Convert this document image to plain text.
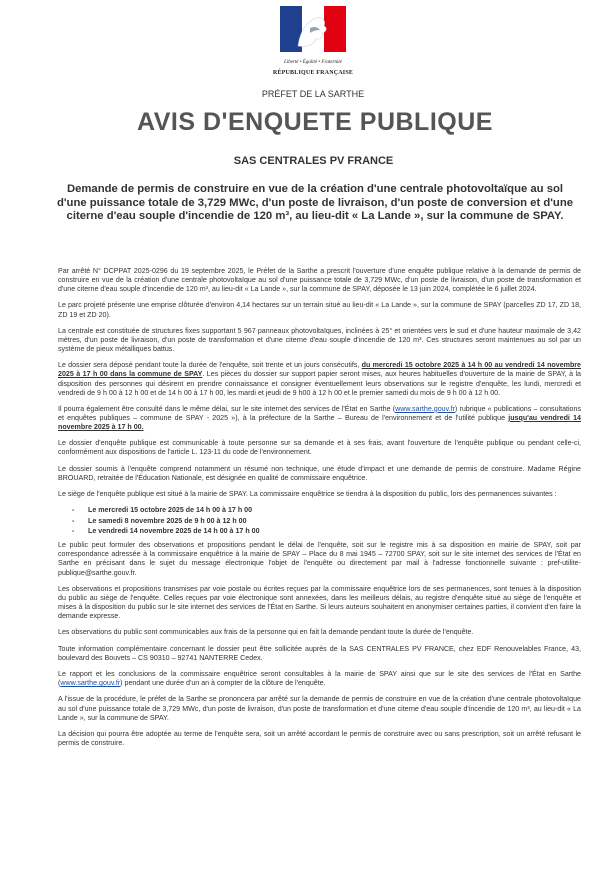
Liberté • Égalité • Fraternité
RÉPUBLIQUE FRANÇAISE
PRÉFET DE LA SARTHE
AVIS D'ENQUETE PUBLIQUE
SAS CENTRALES PV FRANCE
Demande de permis de construire en vue de la création d'une centrale photovoltaïque au sol d'une puissance totale de 3,729 MWc, d'un poste de livraison, d'un poste de conversion et d'une citerne d'eau souple d'incendie de 120 m³, au lieu-dit « La Lande », sur la commune de SPAY.

Par arrêté N° DCPPAT 2025-0296 du 19 septembre 2025, le Préfet de la Sarthe a prescrit l'ouverture d'une enquête publique relative à la demande de permis de construire en vue de la création d'une centrale photovoltaïque au sol d'une puissance totale de 3,729 MWc, d'un poste de livraison, d'un poste de transformation et d'une citerne d'eau souple d'incendie de 120 m³, au lieu-dit « La Lande », sur la commune de SPAY, déposée le 13 juin 2024, complétée le 6 juillet 2024.

Le parc projeté présente une emprise clôturée d'environ 4,14 hectares sur un terrain situé au lieu-dit « La Lande », sur la commune de SPAY (parcelles ZD 17, ZD 18, ZD 19 et ZD 20).

La centrale est constituée de structures fixes supportant 5 967 panneaux photovoltaïques, inclinées à 25° et orientées vers le sud et d'une hauteur maximale de 3,42 mètres, d'un poste de livraison, d'un poste de transformation et d'une citerne d'eau souple d'incendie de 120 m³. Ces structures seront maintenues au sol par un système de pieux métalliques battus.

Le dossier sera déposé pendant toute la durée de l'enquête, soit trente et un jours consécutifs, du mercredi 15 octobre 2025 à 14 h 00 au vendredi 14 novembre 2025 à 17 h 00 dans la commune de SPAY. Les pièces du dossier sur support papier seront mises, aux heures habituelles d'ouverture de la mairie de SPAY, à la disposition des personnes qui désirent en prendre connaissance et consigner éventuellement leurs observations sur le registre d'enquête, les lundi, mercredi et vendredi de 9 h 00 à 12 h 00 et de 14 h 00 à 17 h 00, les mardi et jeudi de 9 h00 à 12 h 00 et le premier samedi du mois de 9 h 00 à 12 h 00.

Il pourra également être consulté dans le même délai, sur le site internet des services de l'État en Sarthe (www.sarthe.gouv.fr) rubrique « publications – consultations et enquêtes publiques – commune de SPAY - 2025 »), à la préfecture de la Sarthe – Bureau de l'environnement et de l'utilité publique jusqu'au vendredi 14 novembre 2025 à 17 h 00.

Le dossier d'enquête publique est communicable à toute personne sur sa demande et à ses frais, avant l'ouverture de l'enquête publique ou pendant celle-ci, conformément aux dispositions de l'article L. 123-11 du code de l'environnement.

Le dossier soumis à l'enquête comprend notamment un résumé non technique, une étude d'impact et une demande de permis de construire. Madame Régine BROUARD, retraitée de l'Éducation Nationale, est désignée en qualité de commissaire enquêtrice.

Le siège de l'enquête publique est situé à la mairie de SPAY. La commissaire enquêtrice se tiendra à la disposition du public, lors des permanences suivantes :

- Le mercredi 15 octobre 2025 de 14 h 00 à 17 h 00
- Le samedi 8 novembre 2025 de 9 h 00 à 12 h 00
- Le vendredi 14 novembre 2025 de 14 h 00 à 17 h 00

Le public peut formuler des observations et propositions pendant le délai de l'enquête, soit sur le registre mis à sa disposition en mairie de SPAY, soit par correspondance adressée à la commissaire enquêtrice à la mairie de SPAY – Place du 8 mai 1945 – 72700 SPAY, soit sur le site internet des services de l'État en Sarthe en précisant dans le sujet du message électronique l'objet de l'enquête ou directement par mail à l'adresse fonctionnelle suivante : pref-utilite-publique@sarthe.gouv.fr.

Les observations et propositions transmises par voie postale ou écrites reçues par la commissaire enquêtrice lors de ses permanences, sont tenues à la disposition du public au siège de l'enquête. Celles reçues par voie électronique sont annexées, dans les meilleurs délais, au registre d'enquête situé au siège de l'enquête et mises à la disposition du public sur le site internet des services de l'État en Sarthe. Si leurs auteurs souhaitent en anonymiser certaines parties, il convient d'en faire la demande expresse.

Les observations du public sont communicables aux frais de la personne qui en fait la demande pendant toute la durée de l'enquête.

Toute information complémentaire concernant le dossier peut être sollicitée auprès de la SAS CENTRALES PV FRANCE, chez EDF Renouvelables France, 43, boulevard des Bouvets – CS 90310 – 92741 NANTERRE Cedex.

Le rapport et les conclusions de la commissaire enquêtrice seront consultables à la mairie de SPAY ainsi que sur le site des services de l'État en Sarthe (www.sarthe.gouv.fr) pendant une durée d'un an à compter de la clôture de l'enquête.

A l'issue de la procédure, le préfet de la Sarthe se prononcera par arrêté sur la demande de permis de construire en vue de la création d'une centrale photovoltaïque au sol d'une puissance totale de 3,729 MWc, d'un poste de livraison, d'un poste de transformation et d'une citerne d'eau souple d'incendie de 120 m³, au lieu-dit « La Lande », sur la commune de SPAY.

La décision qui pourra être adoptée au terme de l'enquête sera, soit un arrêté accordant le permis de construire avec ou sans prescription, soit un arrêté refusant le permis de construire.
